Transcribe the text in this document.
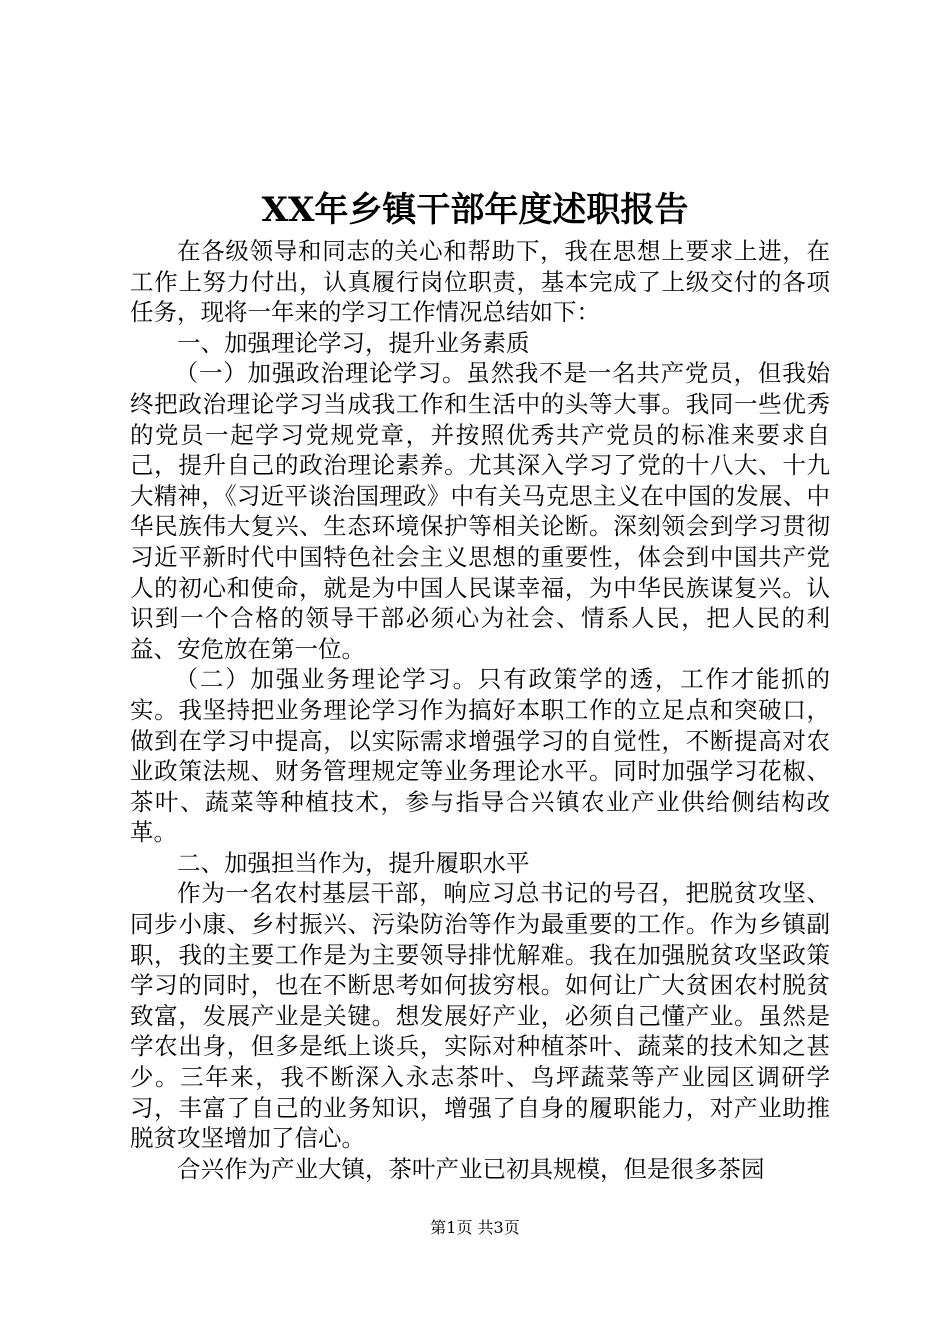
XX年乡镇干部年度述职报告

在各级领导和同志的关心和帮助下，我在思想上要求上进，在工作上努力付出，认真履行岗位职责，基本完成了上级交付的各项任务，现将一年来的学习工作情况总结如下：

一、加强理论学习，提升业务素质

（一）加强政治理论学习。虽然我不是一名共产党员，但我始终把政治理论学习当成我工作和生活中的头等大事。我同一些优秀的党员一起学习党规党章，并按照优秀共产党员的标准来要求自己，提升自己的政治理论素养。尤其深入学习了党的十八大、十九大精神，《习近平谈治国理政》中有关马克思主义在中国的发展、中华民族伟大复兴、生态环境保护等相关论断。深刻领会到学习贯彻习近平新时代中国特色社会主义思想的重要性，体会到中国共产党人的初心和使命，就是为中国人民谋幸福，为中华民族谋复兴。认识到一个合格的领导干部必须心为社会、情系人民，把人民的利益、安危放在第一位。

（二）加强业务理论学习。只有政策学的透，工作才能抓的实。我坚持把业务理论学习作为搞好本职工作的立足点和突破口，做到在学习中提高，以实际需求增强学习的自觉性，不断提高对农业政策法规、财务管理规定等业务理论水平。同时加强学习花椒、茶叶、蔬菜等种植技术，参与指导合兴镇农业产业供给侧结构改革。

二、加强担当作为，提升履职水平

作为一名农村基层干部，响应习总书记的号召，把脱贫攻坚、同步小康、乡村振兴、污染防治等作为最重要的工作。作为乡镇副职，我的主要工作是为主要领导排忧解难。我在加强脱贫攻坚政策学习的同时，也在不断思考如何拔穷根。如何让广大贫困农村脱贫致富，发展产业是关键。想发展好产业，必须自己懂产业。虽然是学农出身，但多是纸上谈兵，实际对种植茶叶、蔬菜的技术知之甚少。三年来，我不断深入永志茶叶、鸟坪蔬菜等产业园区调研学习，丰富了自己的业务知识，增强了自身的履职能力，对产业助推脱贫攻坚增加了信心。

合兴作为产业大镇，茶叶产业已初具规模，但是很多茶园

第1页 共3页
